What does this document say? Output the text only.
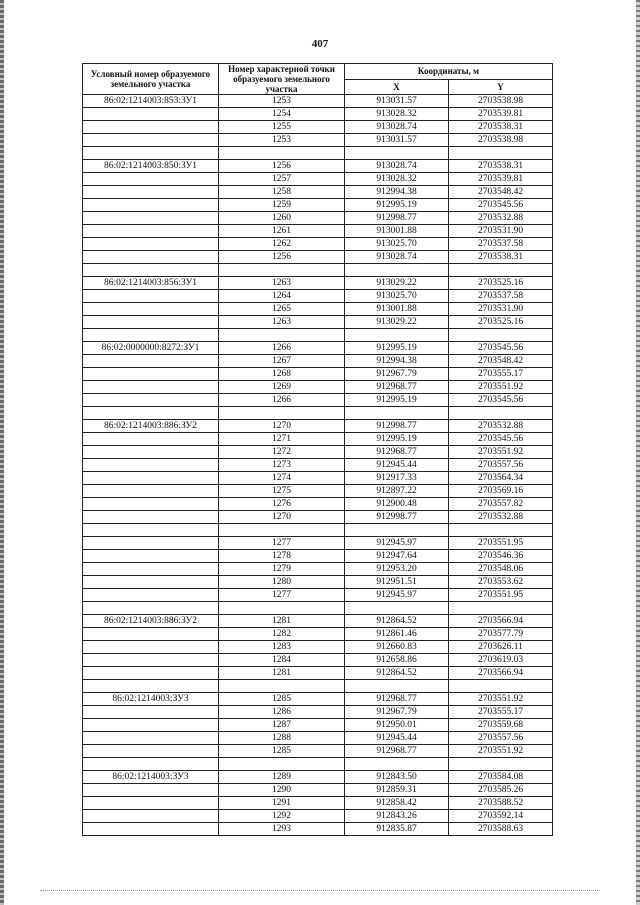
407
Условный номер образуемого земельного участка	Номер характерной точки образуемого земельного участка	Координаты, м	
		X	Y
86:02:1214003:853:ЗУ1	1253	913031.57	2703538.98
	1254	913028.32	2703539.81
	1255	913028.74	2703538.31
	1253	913031.57	2703538.98

86:02:1214003:850:ЗУ1	1256	913028.74	2703538.31
	1257	913028.32	2703539.81
	1258	912994.38	2703548.42
	1259	912995.19	2703545.56
	1260	912998.77	2703532.88
	1261	913001.88	2703531.90
	1262	913025.70	2703537.58
	1256	913028.74	2703538.31

86:02:1214003:856:ЗУ1	1263	913029.22	2703525.16
	1264	913025.70	2703537.58
	1265	913001.88	2703531.90
	1263	913029.22	2703525.16

86:02:0000000:8272:ЗУ1	1266	912995.19	2703545.56
	1267	912994.38	2703548.42
	1268	912967.79	2703555.17
	1269	912968.77	2703551.92
	1266	912995.19	2703545.56

86:02:1214003:886:ЗУ2	1270	912998.77	2703532.88
	1271	912995.19	2703545.56
	1272	912968.77	2703551.92
	1273	912945.44	2703557.56
	1274	912917.33	2703564.34
	1275	912897.22	2703569.16
	1276	912900.48	2703557.82
	1270	912998.77	2703532.88

	1277	912945.97	2703551.95
	1278	912947.64	2703546.36
	1279	912953.20	2703548.06
	1280	912951.51	2703553.62
	1277	912945.97	2703551.95

86:02:1214003:886:ЗУ2	1281	912864.52	2703566.94
	1282	912861.46	2703577.79
	1283	912660.83	2703626.11
	1284	912658.86	2703619.03
	1281	912864.52	2703566.94

86:02:1214003:ЗУ3	1285	912968.77	2703551.92
	1286	912967.79	2703555.17
	1287	912950.01	2703559.68
	1288	912945.44	2703557.56
	1285	912968.77	2703551.92

86:02:1214003:ЗУ3	1289	912843.50	2703584.08
	1290	912859.31	2703585.26
	1291	912858.42	2703588.52
	1292	912843.26	2703592.14
	1293	912835.87	2703588.63
